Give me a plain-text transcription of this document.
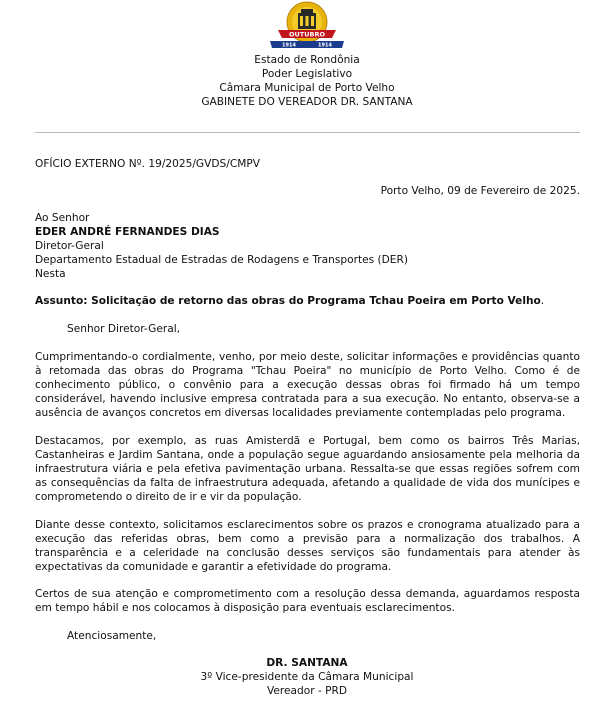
OUTUBRO
1914	1914
Estado de Rondônia
Poder Legislativo
Câmara Municipal de Porto Velho
GABINETE DO VEREADOR DR. SANTANA
OFÍCIO EXTERNO Nº. 19/2025/GVDS/CMPV
Porto Velho, 09 de Fevereiro de 2025.
Ao Senhor
EDER ANDRÉ FERNANDES DIAS
Diretor-Geral
Departamento Estadual de Estradas de Rodagens e Transportes (DER)
Nesta
Assunto: Solicitação de retorno das obras do Programa Tchau Poeira em Porto Velho.
Senhor Diretor-Geral,
Cumprimentando-o cordialmente, venho, por meio deste, solicitar informações e providências quanto à retomada das obras do Programa "Tchau Poeira" no município de Porto Velho. Como é de conhecimento público, o convênio para a execução dessas obras foi firmado há um tempo considerável, havendo inclusive empresa contratada para a sua execução. No entanto, observa-se a ausência de avanços concretos em diversas localidades previamente contempladas pelo programa.
Destacamos, por exemplo, as ruas Amisterdã e Portugal, bem como os bairros Três Marias, Castanheiras e Jardim Santana, onde a população segue aguardando ansiosamente pela melhoria da infraestrutura viária e pela efetiva pavimentação urbana. Ressalta-se que essas regiões sofrem com as consequências da falta de infraestrutura adequada, afetando a qualidade de vida dos munícipes e comprometendo o direito de ir e vir da população.
Diante desse contexto, solicitamos esclarecimentos sobre os prazos e cronograma atualizado para a execução das referidas obras, bem como a previsão para a normalização dos trabalhos. A transparência e a celeridade na conclusão desses serviços são fundamentais para atender às expectativas da comunidade e garantir a efetividade do programa.
Certos de sua atenção e comprometimento com a resolução dessa demanda, aguardamos resposta em tempo hábil e nos colocamos à disposição para eventuais esclarecimentos.
Atenciosamente,
DR. SANTANA
3º Vice-presidente da Câmara Municipal
Vereador - PRD
